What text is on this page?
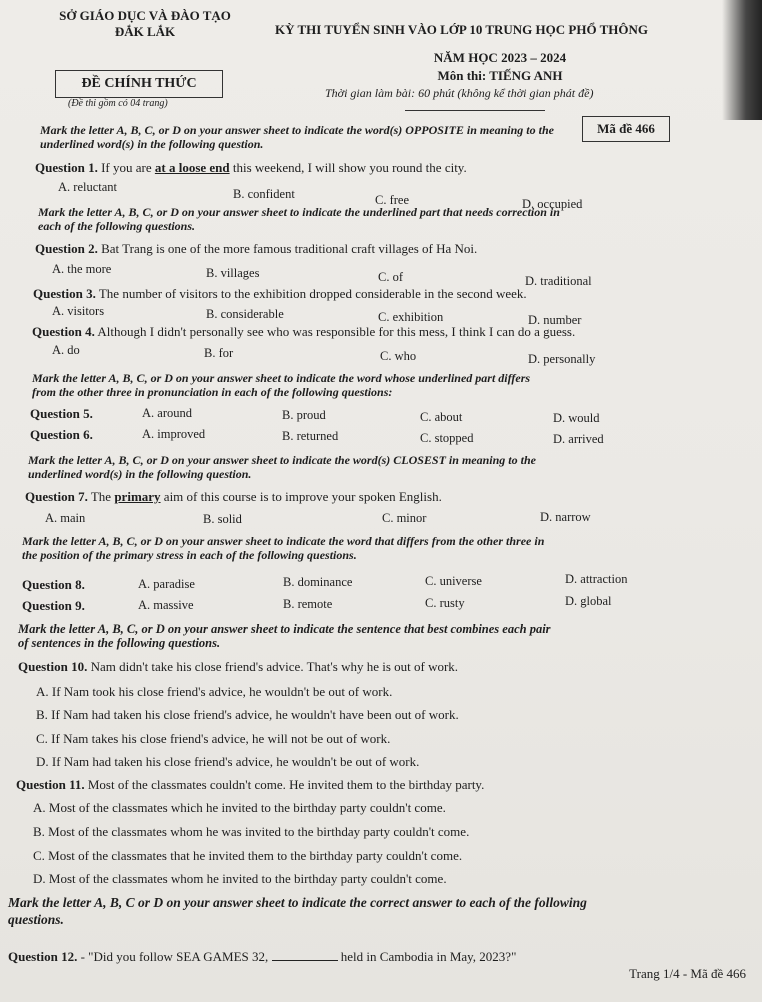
SỞ GIÁO DỤC VÀ ĐÀO TẠO
ĐẮK LẮK	KỲ THI TUYỂN SINH VÀO LỚP 10 TRUNG HỌC PHỔ THÔNG
NĂM HỌC 2023 – 2024
Môn thi: TIẾNG ANH
ĐỀ CHÍNH THỨC
(Đề thi gồm có 04 trang)
Thời gian làm bài: 60 phút (không kể thời gian phát đề)
Mã đề 466
Mark the letter A, B, C, or D on your answer sheet to indicate the word(s) OPPOSITE in meaning to the
underlined word(s) in the following question.
Question 1. If you are at a loose end this weekend, I will show you round the city.
A. reluctant	B. confident	C. free	D. occupied
Mark the letter A, B, C, or D on your answer sheet to indicate the underlined part that needs correction in
each of the following questions.
Question 2. Bat Trang is one of the more famous traditional craft villages of Ha Noi.
A. the more	B. villages	C. of	D. traditional
Question 3. The number of visitors to the exhibition dropped considerable in the second week.
A. visitors	B. considerable	C. exhibition	D. number
Question 4. Although I didn't personally see who was responsible for this mess, I think I can do a guess.
A. do	B. for	C. who	D. personally
Mark the letter A, B, C, or D on your answer sheet to indicate the word whose underlined part differs
from the other three in pronunciation in each of the following questions:
Question 5.	A. around	B. proud	C. about	D. would
Question 6.	A. improved	B. returned	C. stopped	D. arrived
Mark the letter A, B, C, or D on your answer sheet to indicate the word(s) CLOSEST in meaning to the
underlined word(s) in the following question.
Question 7. The primary aim of this course is to improve your spoken English.
A. main	B. solid	C. minor	D. narrow
Mark the letter A, B, C, or D on your answer sheet to indicate the word that differs from the other three in
the position of the primary stress in each of the following questions.
Question 8.	A. paradise	B. dominance	C. universe	D. attraction
Question 9.	A. massive	B. remote	C. rusty	D. global
Mark the letter A, B, C, or D on your answer sheet to indicate the sentence that best combines each pair
of sentences in the following questions.
Question 10. Nam didn't take his close friend's advice. That's why he is out of work.
A. If Nam took his close friend's advice, he wouldn't be out of work.
B. If Nam had taken his close friend's advice, he wouldn't have been out of work.
C. If Nam takes his close friend's advice, he will not be out of work.
D. If Nam had taken his close friend's advice, he wouldn't be out of work.
Question 11. Most of the classmates couldn't come. He invited them to the birthday party.
A. Most of the classmates which he invited to the birthday party couldn't come.
B. Most of the classmates whom he was invited to the birthday party couldn't come.
C. Most of the classmates that he invited them to the birthday party couldn't come.
D. Most of the classmates whom he invited to the birthday party couldn't come.
Mark the letter A, B, C or D on your answer sheet to indicate the correct answer to each of the following
questions.
Question 12. - "Did you follow SEA GAMES 32,	held in Cambodia in May, 2023?"
Trang 1/4 - Mã đề 466
